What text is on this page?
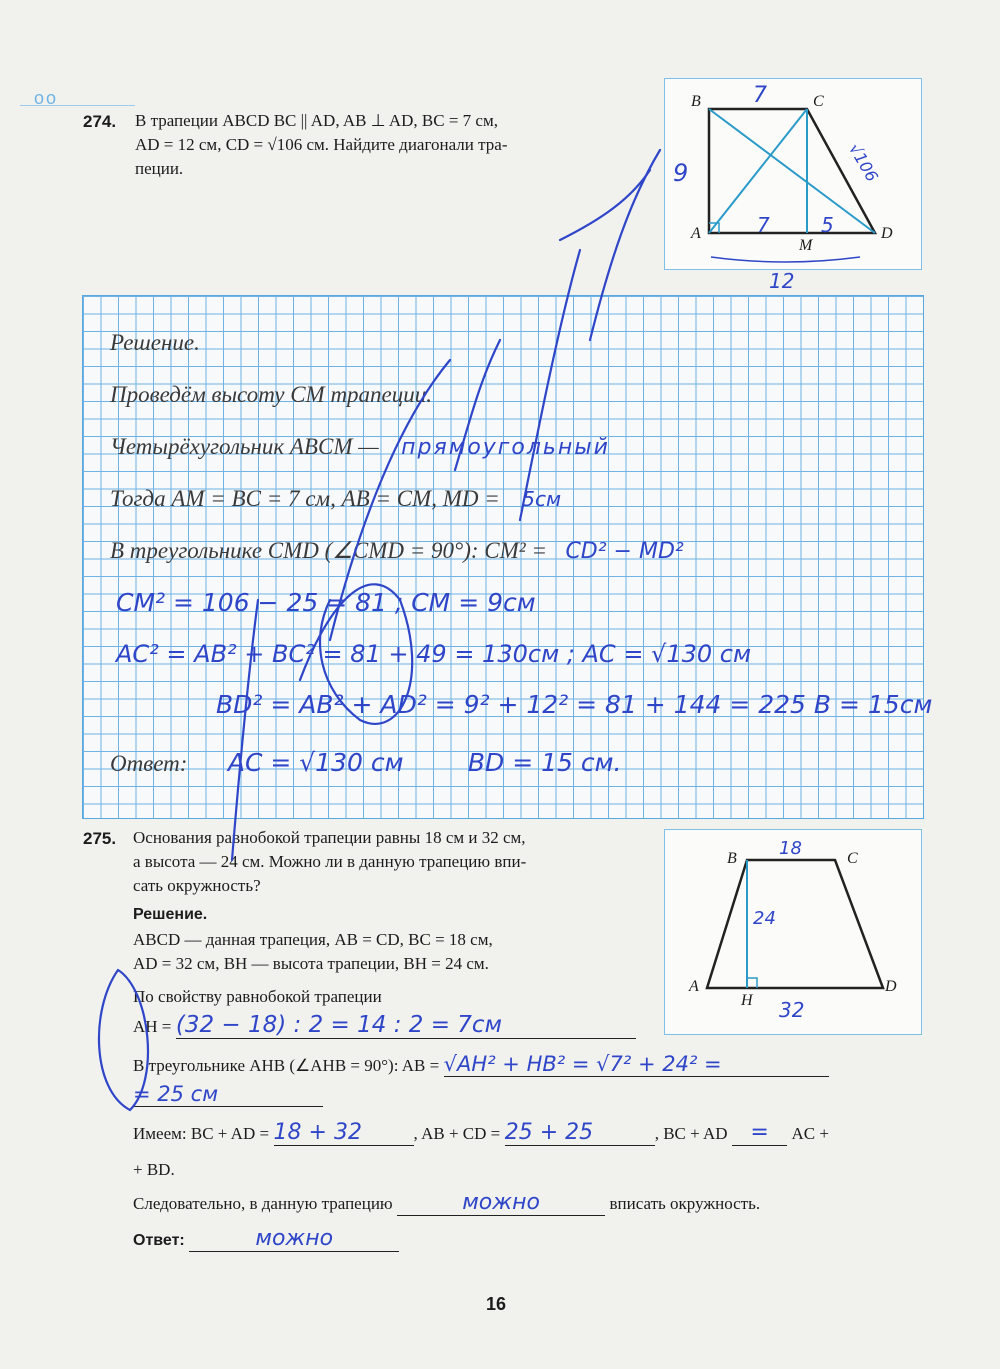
oo
274. В трапеции ABCD BC || AD, AB ⊥ AD, BC = 7 см,
AD = 12 см, CD = √106 см. Найдите диагонали тра-
пеции.
B	C
A	D
M
7
9
7	5
√106
12
Решение.
Проведём высоту CM трапеции.
Четырёхугольник ABCM — прямоугольный
Тогда AM = BC = 7 см, AB = CM, MD = 5см
В треугольнике CMD (∠CMD = 90°): CM² = CD² − MD²
CM² = 106 − 25 = 81 ; CM = 9см
AC² = AB² + BC² = 81 + 49 = 130см ; AC = √130 см
BD² = AB² + AD² = 9² + 12² = 81 + 144 = 225 B = 15см
Ответ: AC = √130 см	BD = 15 см.
275. Основания равнобокой трапеции равны 18 см и 32 см,
а высота — 24 см. Можно ли в данную трапецию впи-
сать окружность?
B	C
A	D
H
18
24
32
Решение.
ABCD — данная трапеция, AB = CD, BC = 18 см,
AD = 32 см, BH — высота трапеции, BH = 24 см.
По свойству равнобокой трапеции
AH = (32 − 18) : 2 = 14 : 2 = 7см
В треугольнике AHB (∠AHB = 90°): AB = √AH² + HB² = √7² + 24² =
= 25 см
Имеем: BC + AD = 18 + 32	, AB + CD = 25 + 25	, BC + AD = AC +
+ BD.
Следовательно, в данную трапецию	можно	вписать окружность.
Ответ:	можно
16
